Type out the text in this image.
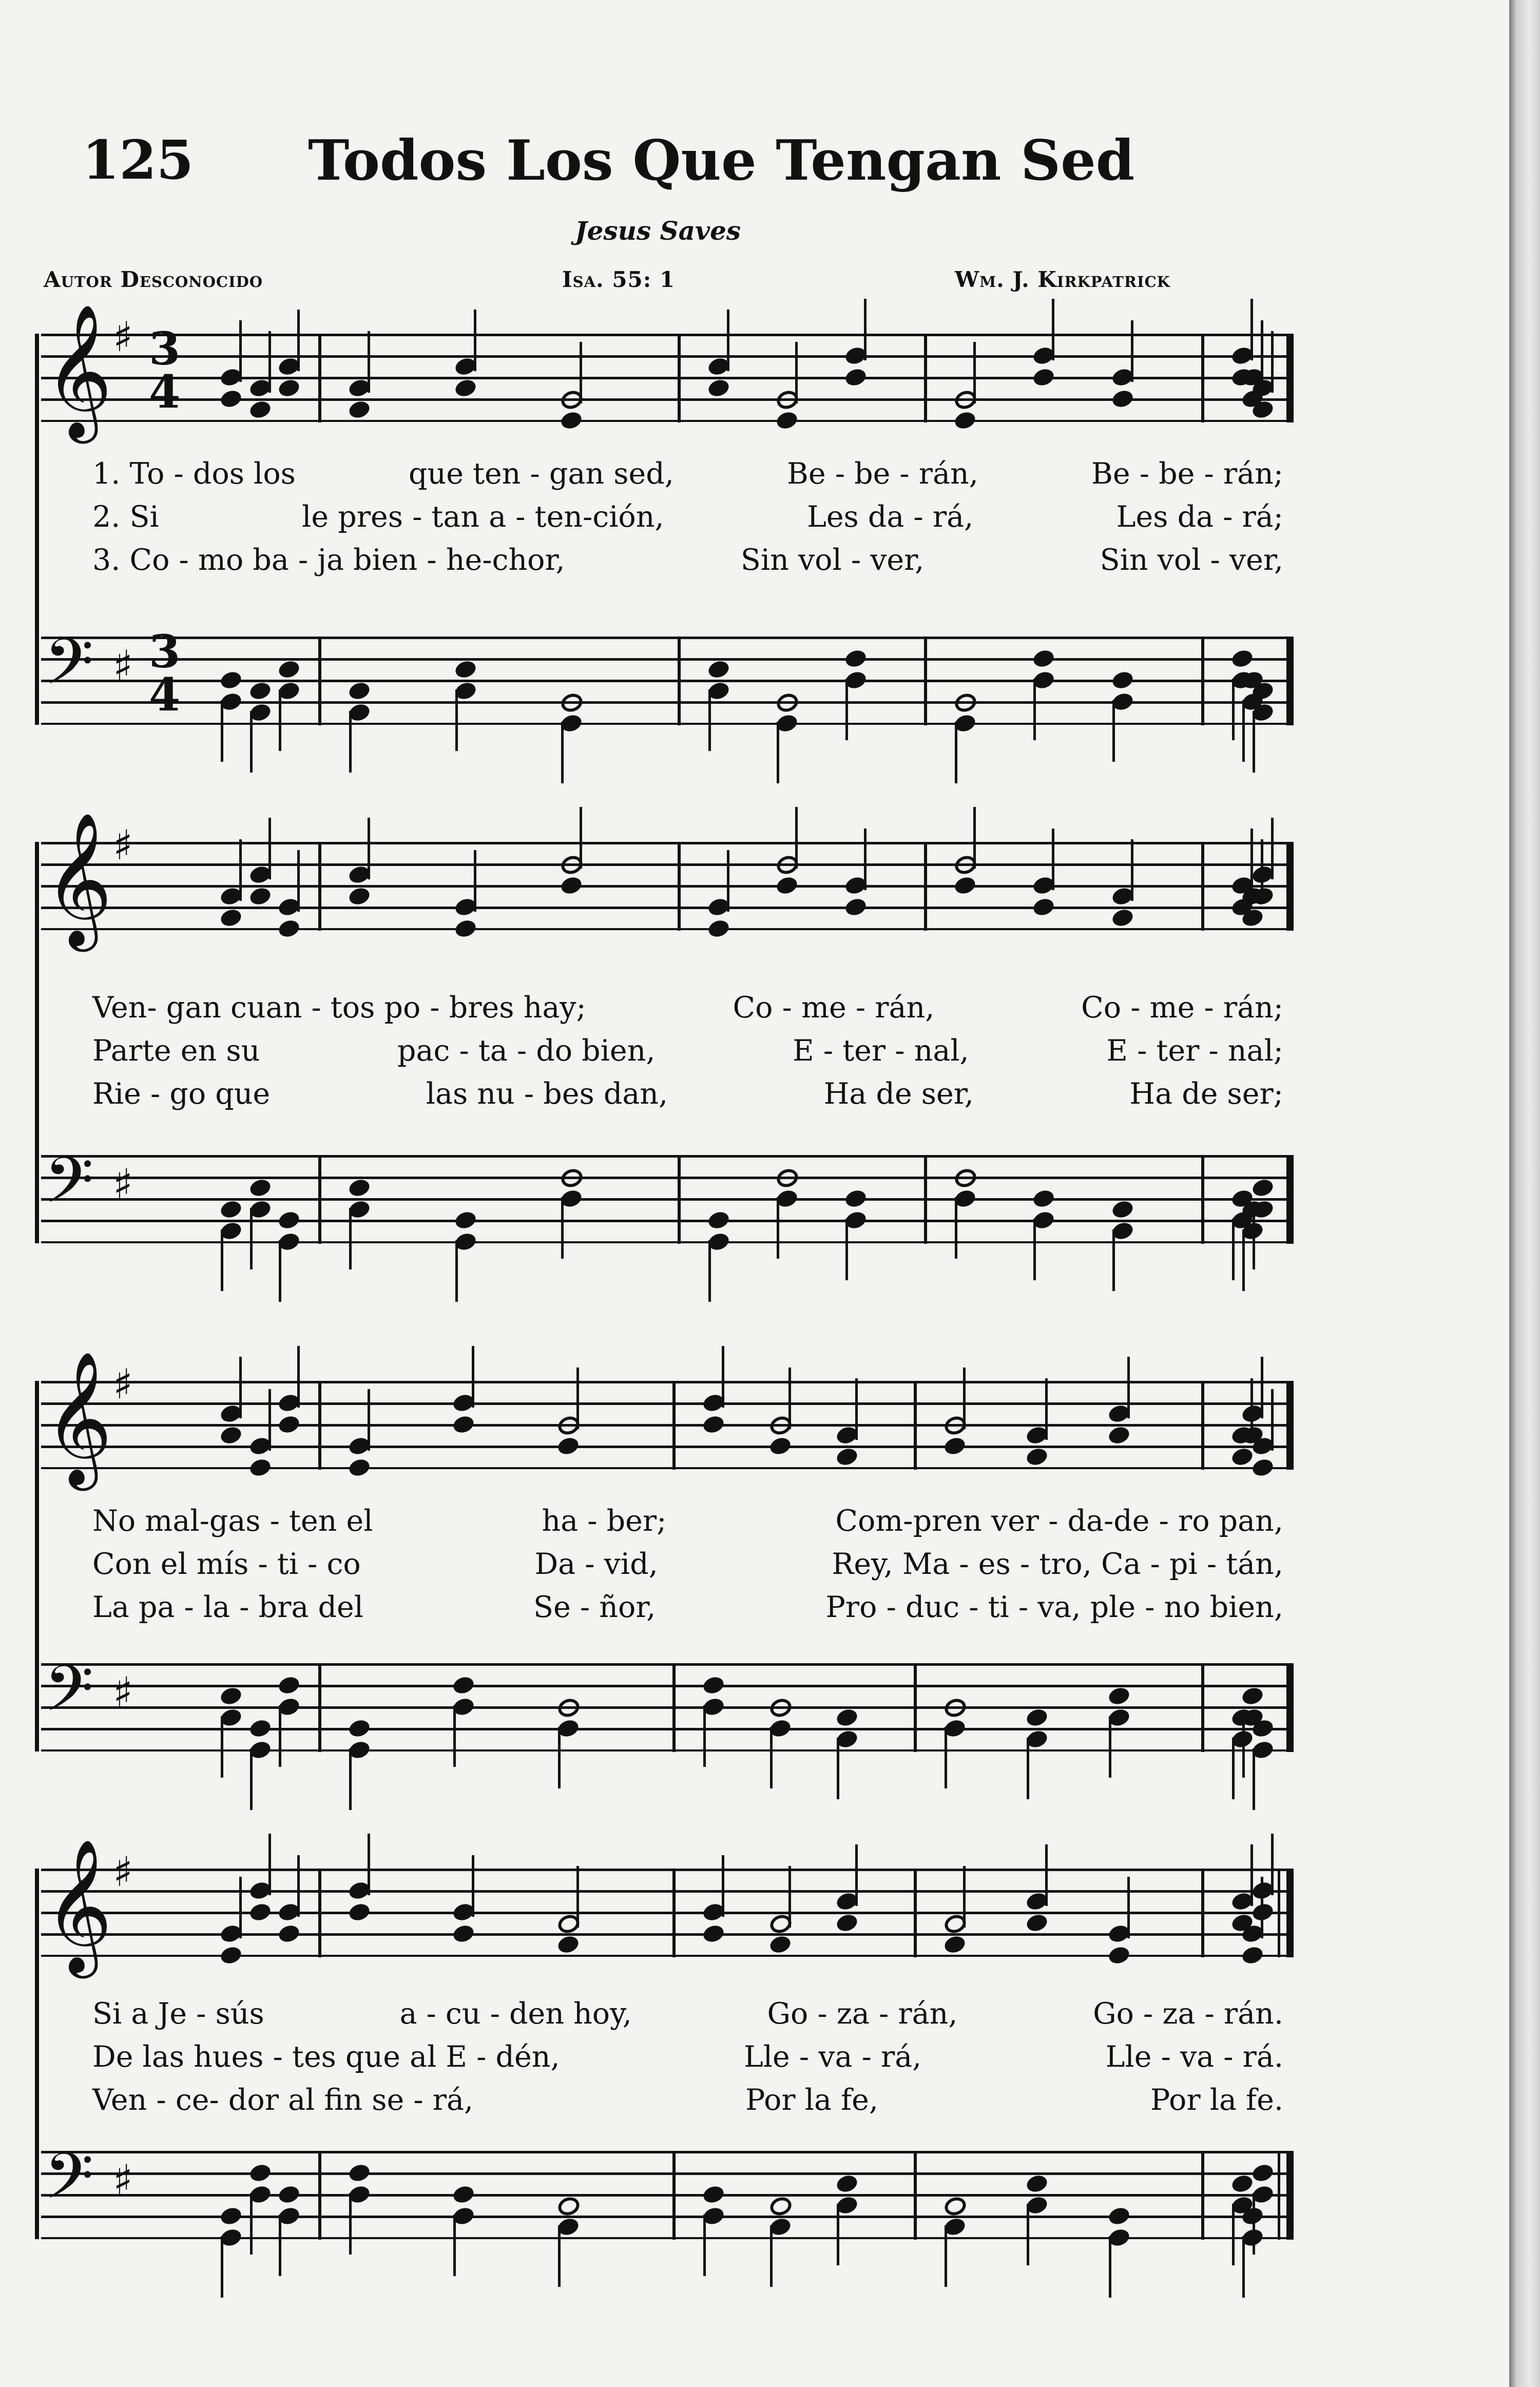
125 Todos Los Que Tengan Sed
Jesus Saves
Autor Desconocido	Isa. 55: 1	Wm. J. Kirkpatrick
𝄞 ♯ 3
4
𝄢 ♯ 3
4
1. To - dos los	que ten - gan sed,	Be - be - rán,	Be - be - rán;
2. Si	le pres - tan a - ten-ción,	Les da - rá,	Les da - rá;
3. Co - mo ba - ja bien - he-chor,	Sin vol - ver,	Sin vol - ver,
𝄞 ♯
𝄢 ♯
Ven- gan cuan - tos po - bres hay;	Co - me - rán,	Co - me - rán;
Parte en su	pac - ta - do bien,	E - ter - nal,	E - ter - nal;
Rie - go que	las nu - bes dan,	Ha de ser,	Ha de ser;
𝄞 ♯
𝄢 ♯
No mal-gas - ten el	ha - ber;	Com-pren ver - da-de - ro pan,
Con el mís - ti - co	Da - vid,	Rey, Ma - es - tro, Ca - pi - tán,
La pa - la - bra del	Se - ñor,	Pro - duc - ti - va, ple - no bien,
𝄞 ♯
𝄢 ♯
Si a Je - sús	a - cu - den hoy,	Go - za - rán,	Go - za - rán.
De las hues - tes que al E - dén,	Lle - va - rá,	Lle - va - rá.
Ven - ce- dor al fin se - rá,	Por la fe,	Por la fe.
